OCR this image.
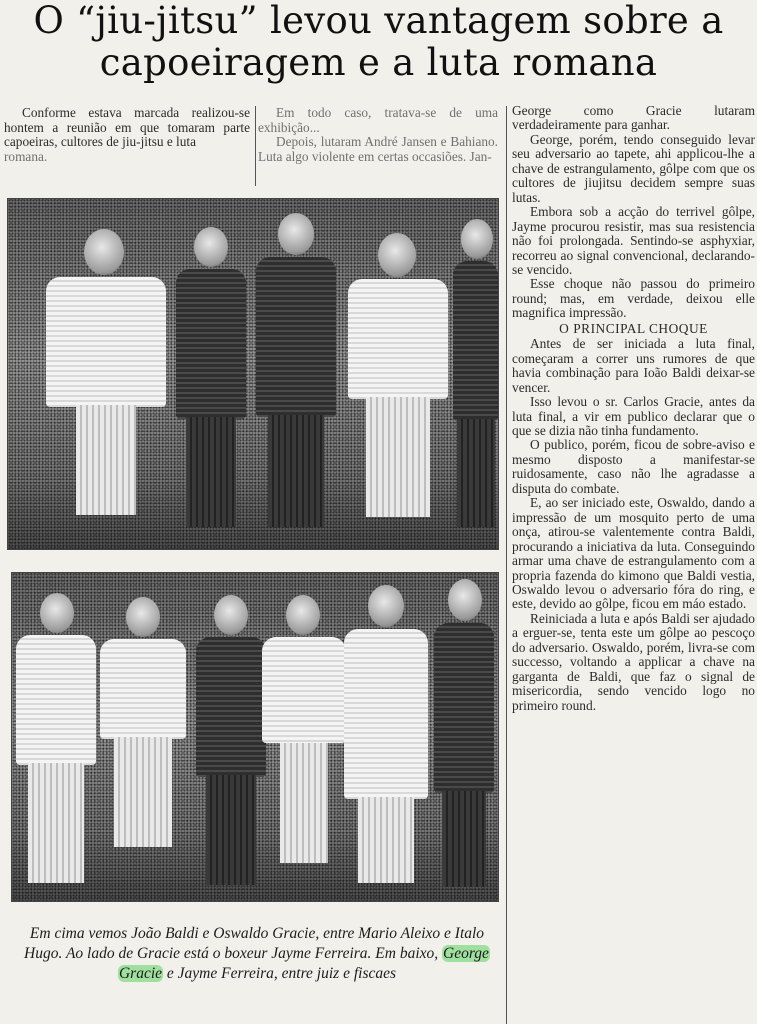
O “jiu-jitsu” levou vantagem sobre a
capoeiragem e a luta romana

Conforme estava marcada realizou-se hontem a reunião em que tomaram parte capoeiras, cultores de jiu-jitsu e luta

romana.

Em todo caso, tratava-se de uma exhibição...

Depois, lutaram André Jansen e Bahiano. Luta algo violente em certas occasiões. Jan-

Em cima vemos João Baldi e Oswaldo Gracie, entre Mario Aleixo e Italo Hugo. Ao lado de Gracie está o boxeur Jayme Ferreira. Em baixo, George Gracie e Jayme Ferreira, entre juiz e fiscaes

George como Gracie lutaram verdadeiramente para ganhar.

George, porém, tendo conseguido levar seu adversario ao tapete, ahi applicou-lhe a chave de estrangulamento, gôlpe com que os cultores de jiujitsu decidem sempre suas lutas.

Embora sob a acção do terrivel gôlpe, Jayme procurou resistir, mas sua resistencia não foi prolongada. Sentindo-se asphyxiar, recorreu ao signal convencional, declarando-se vencido.

Esse choque não passou do primeiro round; mas, em verdade, deixou elle magnifica impressão.

O PRINCIPAL CHOQUE

Antes de ser iniciada a luta final, começaram a correr uns rumores de que havia combinação para Ioão Baldi deixar-se vencer.

Isso levou o sr. Carlos Gracie, antes da luta final, a vir em publico declarar que o que se dizia não tinha fundamento.

O publico, porém, ficou de sobre-aviso e mesmo disposto a manifestar-se ruidosamente, caso não lhe agradasse a disputa do combate.

E, ao ser iniciado este, Oswaldo, dando a impressão de um mosquito perto de uma onça, atirou-se valentemente contra Baldi, procurando a iniciativa da luta. Conseguindo armar uma chave de estrangulamento com a propria fazenda do kimono que Baldi vestia, Oswaldo levou o adversario fóra do ring, e este, devido ao gôlpe, ficou em máo estado.

Reiniciada a luta e após Baldi ser ajudado a erguer-se, tenta este um gôlpe ao pescoço do adversario. Oswaldo, porém, livra-se com successo, voltando a applicar a chave na garganta de Baldi, que faz o signal de misericordia, sendo vencido logo no primeiro round.
